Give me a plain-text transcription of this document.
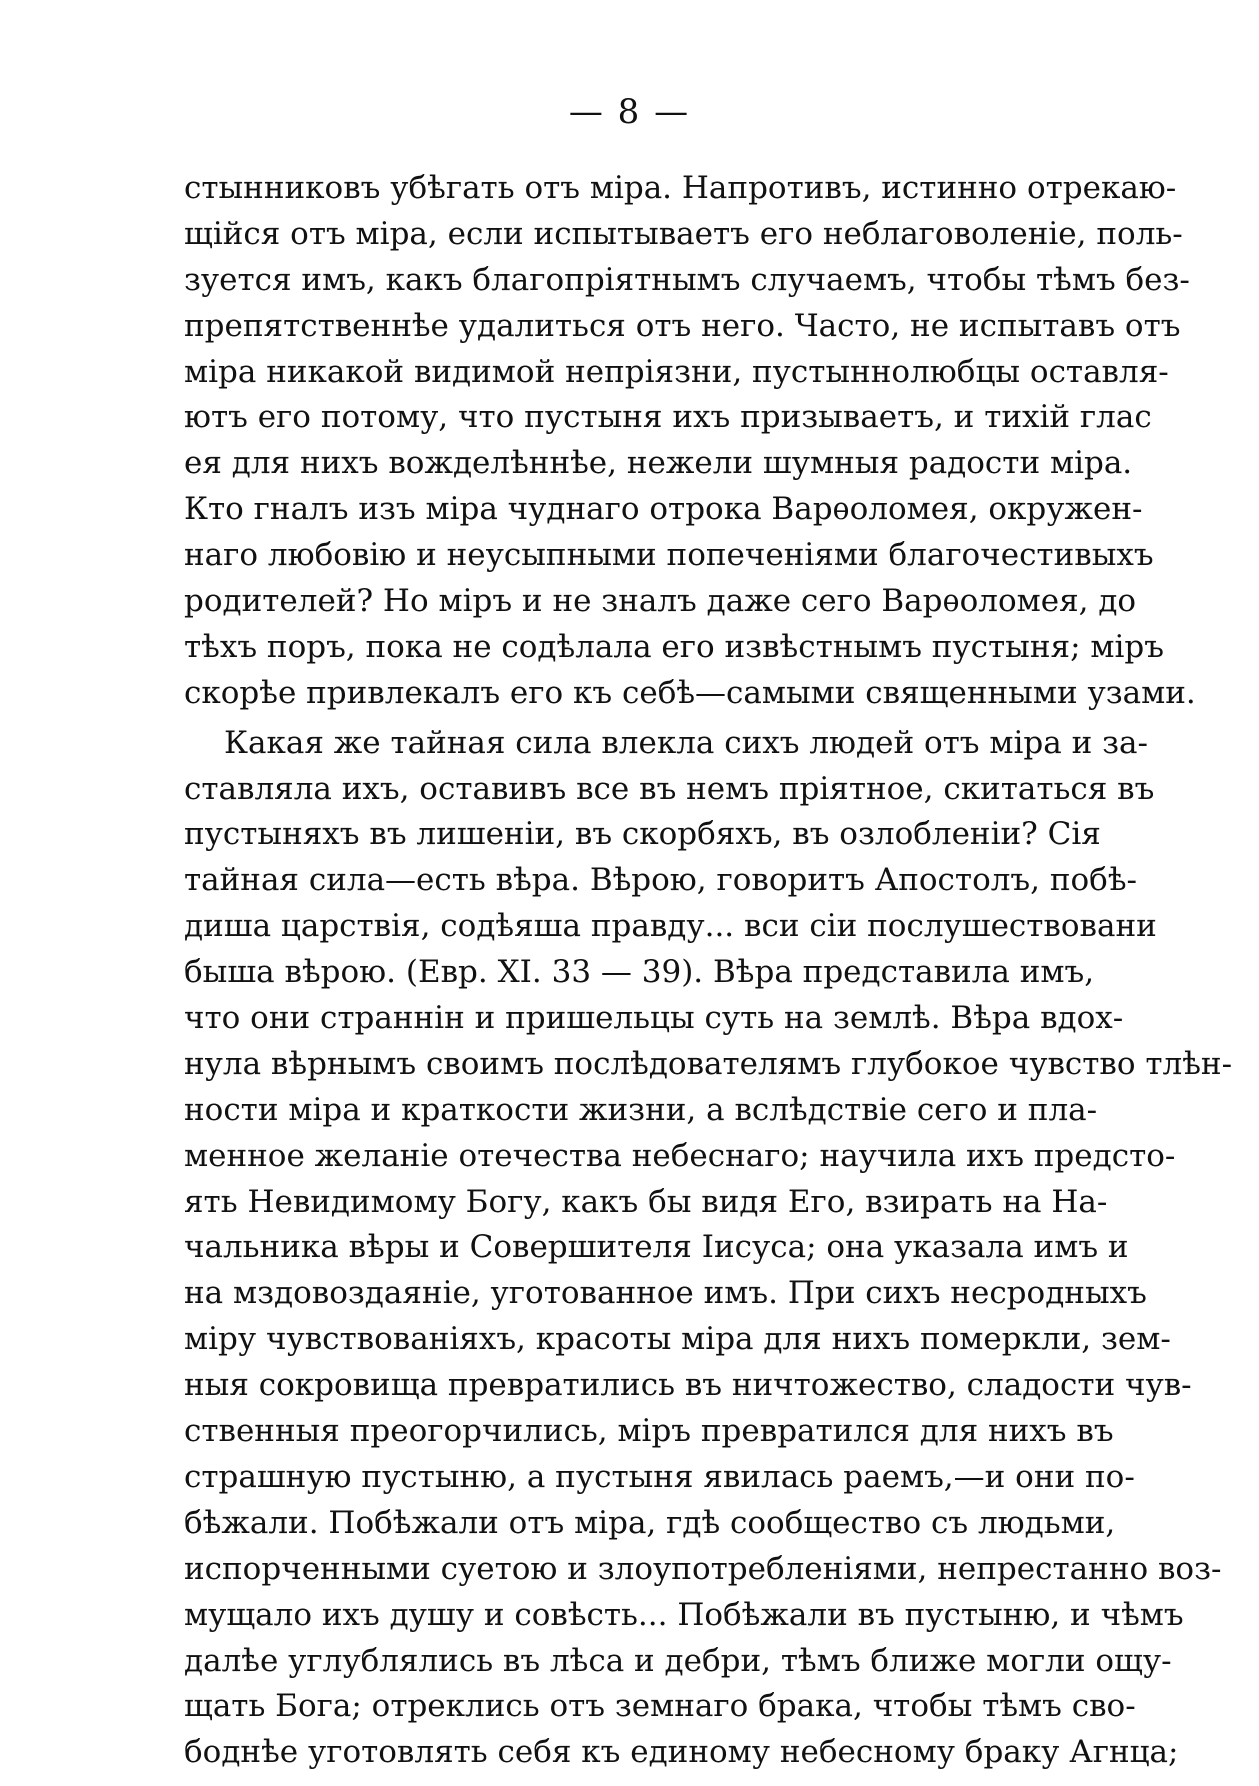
— 8 —
стынниковъ убѣгать отъ міра. Напротивъ, истинно отрекаю-
щійся отъ міра, если испытываетъ его неблаговоленіе, поль-
зуется имъ, какъ благопріятнымъ случаемъ, чтобы тѣмъ без-
препятственнѣе удалиться отъ него. Часто, не испытавъ отъ
міра никакой видимой непріязни, пустыннолюбцы оставля-
ютъ его потому, что пустыня ихъ призываетъ, и тихій глас
ея для нихъ вожделѣннѣе, нежели шумныя радости міра.
Кто гналъ изъ міра чуднаго отрока Варѳоломея, окружен-
наго любовію и неусыпными попеченіями благочестивыхъ
родителей? Но міръ и не зналъ даже сего Варѳоломея, до
тѣхъ поръ, пока не содѣлала его извѣстнымъ пустыня; міръ
скорѣе привлекалъ его къ себѣ—самыми священными узами.
Какая же тайная сила влекла сихъ людей отъ міра и за-
ставляла ихъ, оставивъ все въ немъ пріятное, скитаться въ
пустыняхъ въ лишеніи, въ скорбяхъ, въ озлобленіи? Сія
тайная сила—есть вѣра. Вѣрою, говоритъ Апостолъ, побѣ-
диша царствія, содѣяша правду... вси сіи послушествовани
быша вѣрою. (Евр. XI. 33 — 39). Вѣра представила имъ,
что они страннін и пришельцы суть на землѣ. Вѣра вдох-
нула вѣрнымъ своимъ послѣдователямъ глубокое чувство тлѣн-
ности міра и краткости жизни, а вслѣдствіе сего и пла-
менное желаніе отечества небеснаго; научила ихъ предсто-
ять Невидимому Богу, какъ бы видя Его, взирать на На-
чальника вѣры и Совершителя Іисуса; она указала имъ и
на мздовоздаяніе, уготованное имъ. При сихъ несродныхъ
міру чувствованіяхъ, красоты міра для нихъ померкли, зем-
ныя сокровища превратились въ ничтожество, сладости чув-
ственныя преогорчились, міръ превратился для нихъ въ
страшную пустыню, а пустыня явилась раемъ,—и они по-
бѣжали. Побѣжали отъ міра, гдѣ сообщество съ людьми,
испорченными суетою и злоупотребленіями, непрестанно воз-
мущало ихъ душу и совѣсть... Побѣжали въ пустыню, и чѣмъ
далѣе углублялись въ лѣса и дебри, тѣмъ ближе могли ощу-
щать Бога; отреклись отъ земнаго брака, чтобы тѣмъ сво-
боднѣе уготовлять себя къ единому небесному браку Агнца;
